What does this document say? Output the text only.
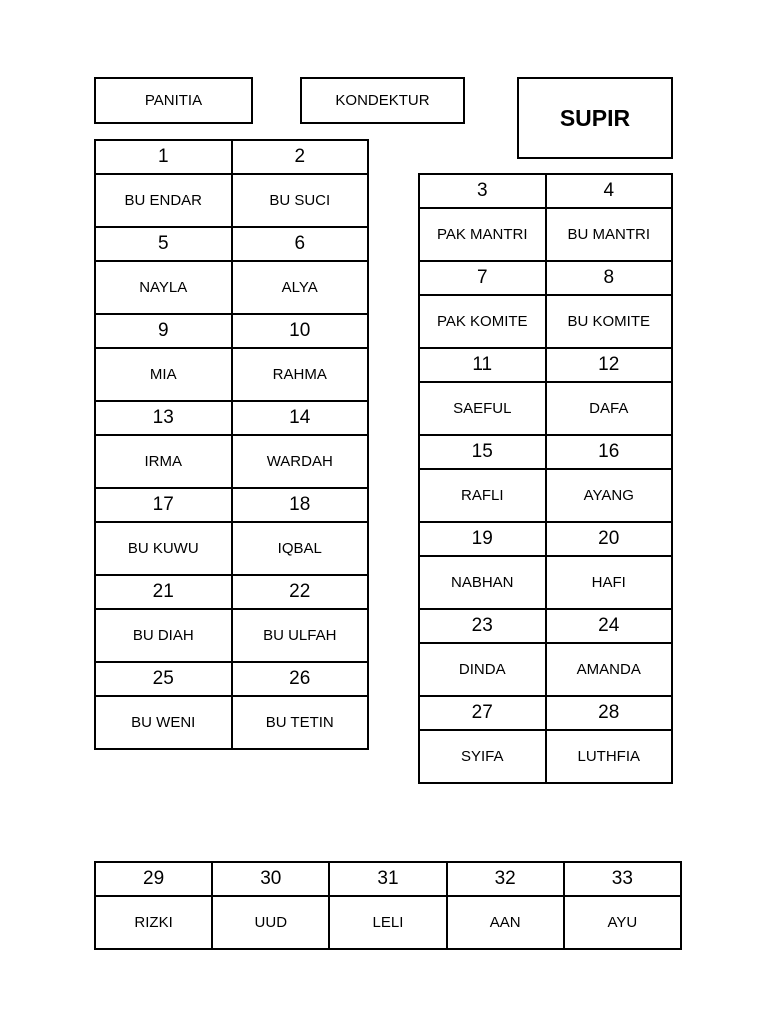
PANITIA	KONDEKTUR
SUPIR
1	2
BU ENDAR	BU SUCI
5	6
NAYLA	ALYA
9	10
MIA	RAHMA
13	14
IRMA	WARDAH
17	18
BU KUWU	IQBAL
21	22
BU DIAH	BU ULFAH
25	26
BU WENI	BU TETIN
3	4
PAK MANTRI	BU MANTRI
7	8
PAK KOMITE	BU KOMITE
11	12
SAEFUL	DAFA
15	16
RAFLI	AYANG
19	20
NABHAN	HAFI
23	24
DINDA	AMANDA
27	28
SYIFA	LUTHFIA
29	30	31	32	33
RIZKI	UUD	LELI	AAN	AYU
